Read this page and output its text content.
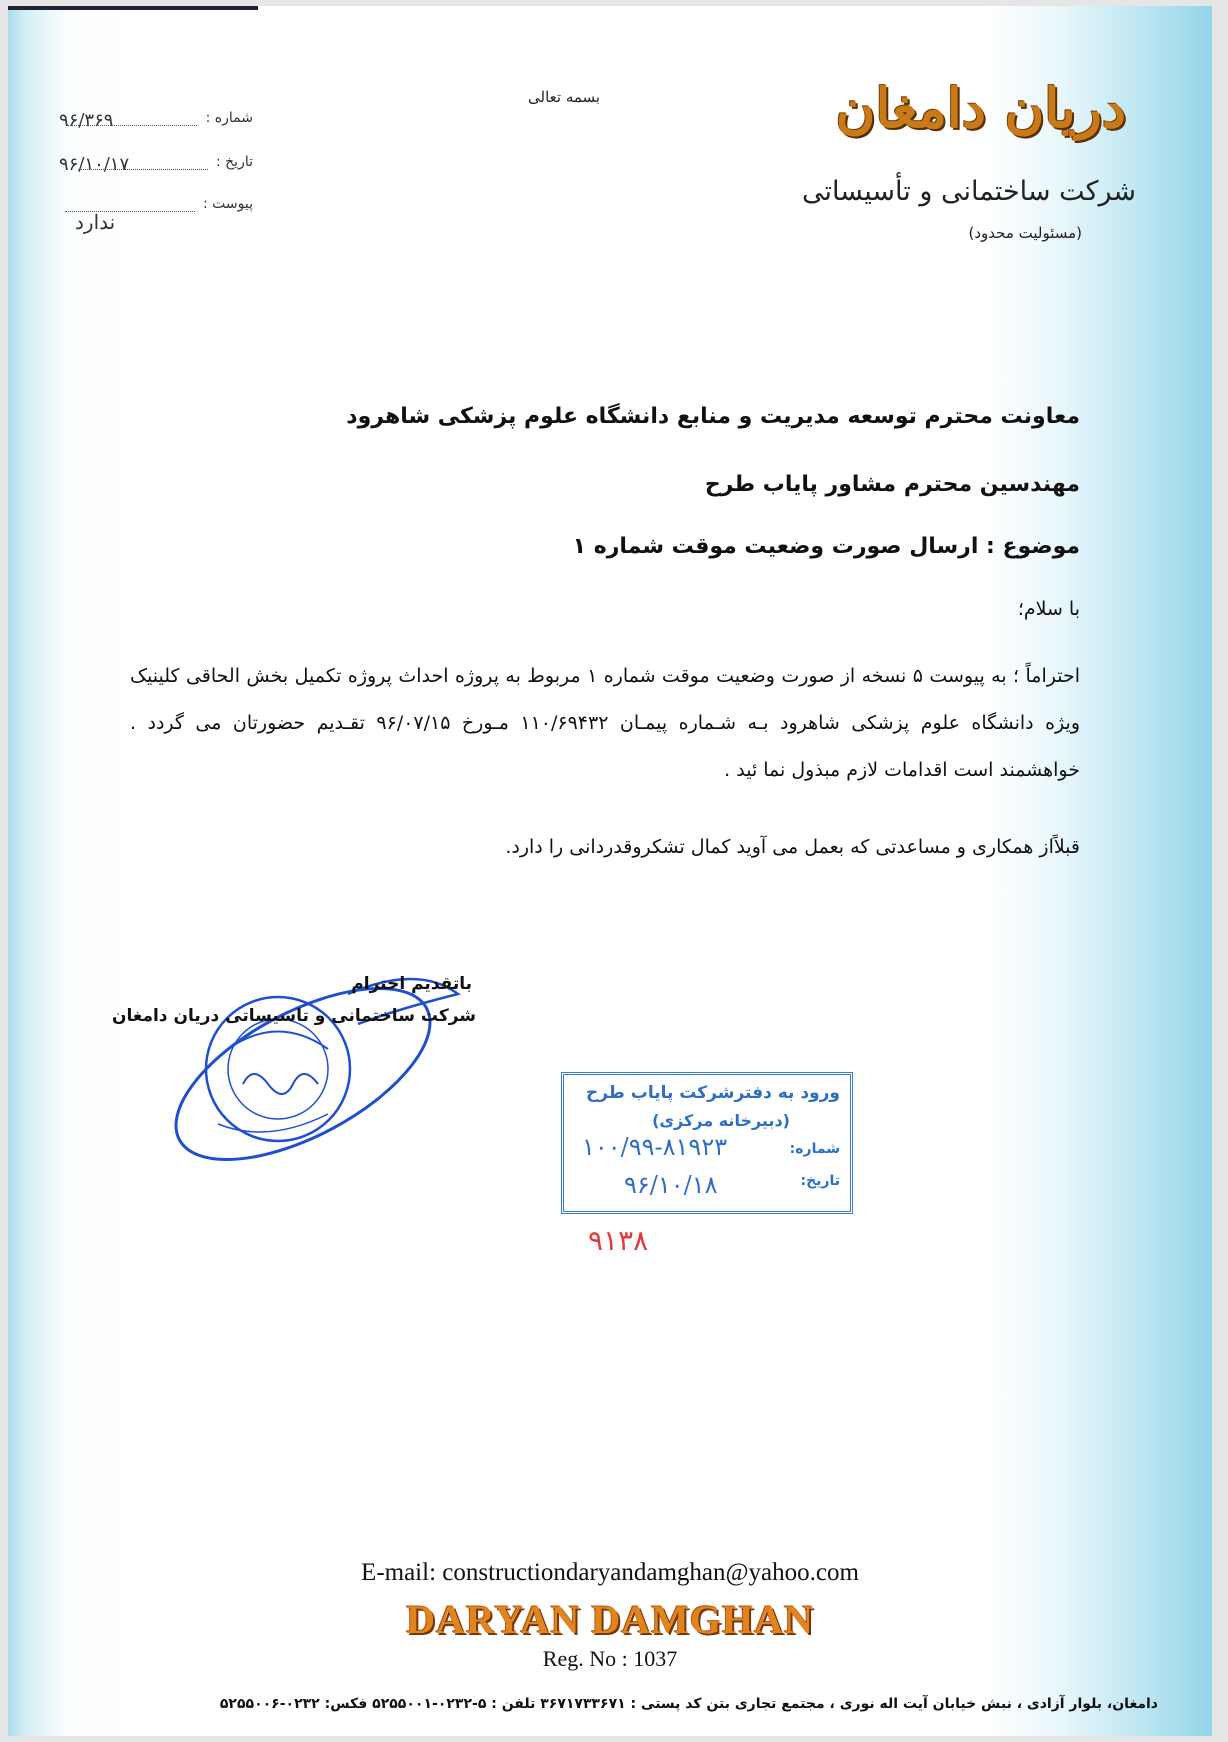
بسمه تعالی	دریان دامغان
شرکت ساختمانی و تأسیساتی
(مسئولیت محدود)
شماره :
۹۶/۳۶۹
تاریخ :
۹۶/۱۰/۱۷
پیوست :
ندارد
معاونت محترم توسعه مدیریت و منابع دانشگاه علوم پزشکی شاهرود
مهندسین محترم مشاور پایاب طرح
موضوع : ارسال صورت وضعیت موقت شماره ۱
با سلام؛
احتراماً ؛ به پیوست ۵ نسخه از صورت وضعیت موقت شماره ۱ مربوط به پروژه احداث پروژه تکمیل بخش الحاقی کلینیک ویژه دانشگاه علوم پزشکی شاهرود بـه شـماره پیمـان ۱۱۰/۶۹۴۳۲ مـورخ ۹۶/۰۷/۱۵ تقـدیم حضورتان می گردد . خواهشمند است اقدامات لازم مبذول نما ئید .
قبلاًاز همکاری و مساعدتی که بعمل می آوید کمال تشکروقدردانی را دارد.
باتقدیم احترام
شرکت ساختمانی و تاسیساتی دریان دامغان
ورود به دفترشرکت پایاب طرح
(دبیرخانه مرکزی)
شماره:
تاریخ:
۱۰۰/۹۹-۸۱۹۲۳
۹۶/۱۰/۱۸
۹۱۳۸
E-mail: constructiondaryandamghan@yahoo.com
DARYAN DAMGHAN
Reg. No : 1037
دامغان، بلوار آزادی ، نبش خیابان آیت اله نوری ، مجتمع تجاری بتن کد پستی : ۳۶۷۱۷۳۳۶۷۱ تلفن : ۵-۰۲۳۲-۵۲۵۵۰۰۱ فکس: ۰۲۳۲-۵۲۵۵۰۰۶
